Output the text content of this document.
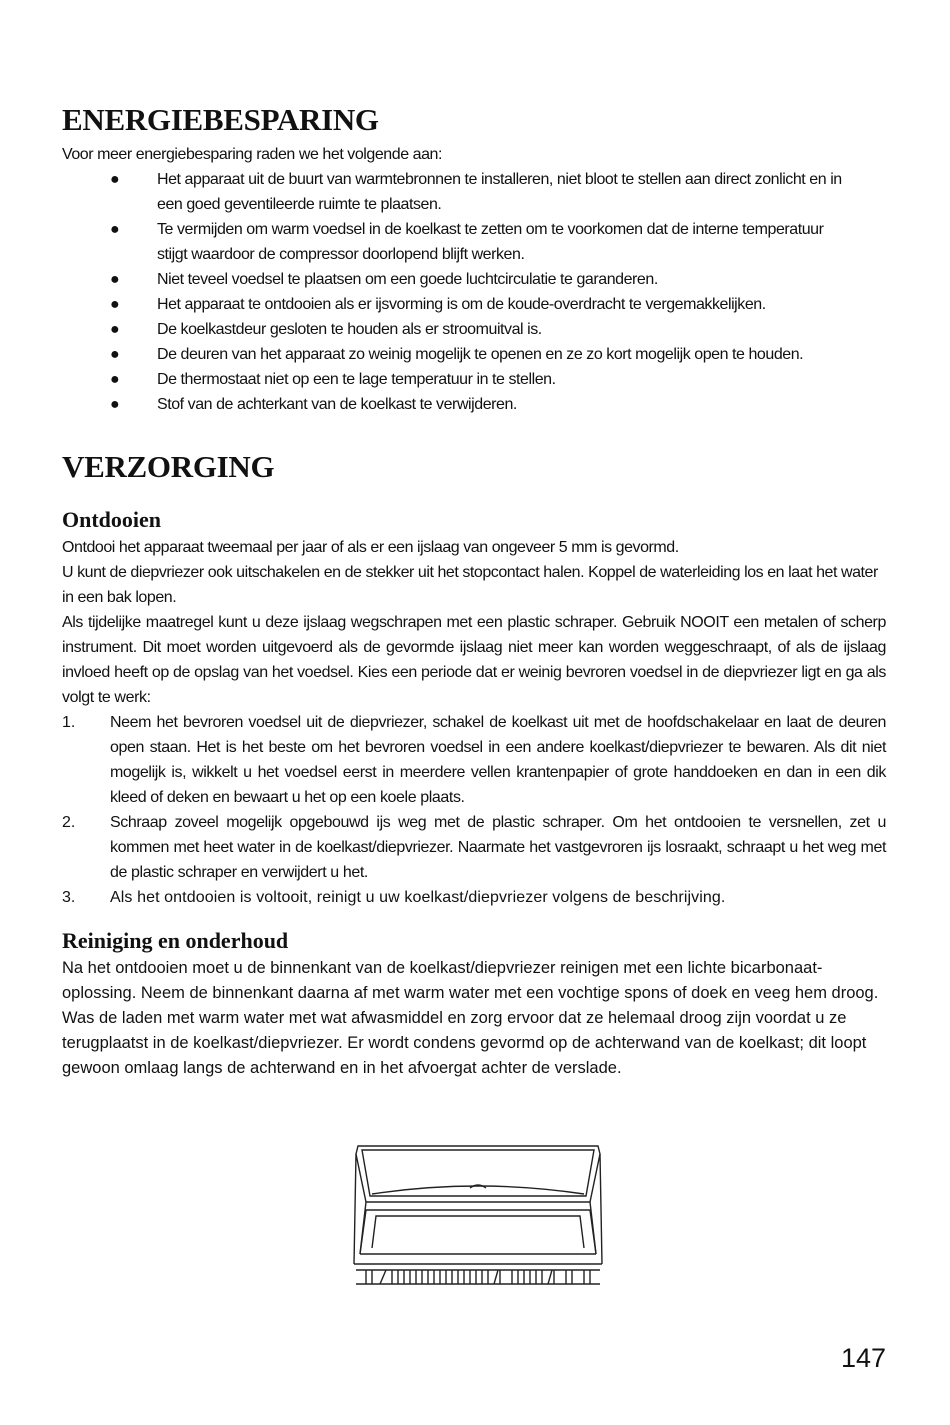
ENERGIEBESPARING

Voor meer energiebesparing raden we het volgende aan:

● Het apparaat uit de buurt van warmtebronnen te installeren, niet bloot te stellen aan direct zonlicht en in een goed geventileerde ruimte te plaatsen.
● Te vermijden om warm voedsel in de koelkast te zetten om te voorkomen dat de interne temperatuur stijgt waardoor de compressor doorlopend blijft werken.
● Niet teveel voedsel te plaatsen om een goede luchtcirculatie te garanderen.
● Het apparaat te ontdooien als er ijsvorming is om de koude-overdracht te vergemakkelijken.
● De koelkastdeur gesloten te houden als er stroomuitval is.
● De deuren van het apparaat zo weinig mogelijk te openen en ze zo kort mogelijk open te houden.
● De thermostaat niet op een te lage temperatuur in te stellen.
● Stof van de achterkant van de koelkast te verwijderen.
VERZORGING
Ontdooien

Ontdooi het apparaat tweemaal per jaar of als er een ijslaag van ongeveer 5 mm is gevormd.

U kunt de diepvriezer ook uitschakelen en de stekker uit het stopcontact halen. Koppel de waterleiding los en laat het water in een bak lopen.

Als tijdelijke maatregel kunt u deze ijslaag wegschrapen met een plastic schraper. Gebruik NOOIT een metalen of scherp instrument. Dit moet worden uitgevoerd als de gevormde ijslaag niet meer kan worden weggeschraapt, of als de ijslaag invloed heeft op de opslag van het voedsel. Kies een periode dat er weinig bevroren voedsel in de diepvriezer ligt en ga als volgt te werk:

1. Neem het bevroren voedsel uit de diepvriezer, schakel de koelkast uit met de hoofdschakelaar en laat de deuren open staan. Het is het beste om het bevroren voedsel in een andere koelkast/diepvriezer te bewaren. Als dit niet mogelijk is, wikkelt u het voedsel eerst in meerdere vellen krantenpapier of grote handdoeken en dan in een dik kleed of deken en bewaart u het op een koele plaats.
2. Schraap zoveel mogelijk opgebouwd ijs weg met de plastic schraper. Om het ontdooien te versnellen, zet u kommen met heet water in de koelkast/diepvriezer. Naarmate het vastgevroren ijs losraakt, schraapt u het weg met de plastic schraper en verwijdert u het.
3. Als het ontdooien is voltooit, reinigt u uw koelkast/diepvriezer volgens de beschrijving.
Reiniging en onderhoud

Na het ontdooien moet u de binnenkant van de koelkast/diepvriezer reinigen met een lichte bicarbonaat-oplossing. Neem de binnenkant daarna af met warm water met een vochtige spons of doek en veeg hem droog. Was de laden met warm water met wat afwasmiddel en zorg ervoor dat ze helemaal droog zijn voordat u ze terugplaatst in de koelkast/diepvriezer. Er wordt condens gevormd op de achterwand van de koelkast; dit loopt gewoon omlaag langs de achterwand en in het afvoergat achter de verslade.

147
